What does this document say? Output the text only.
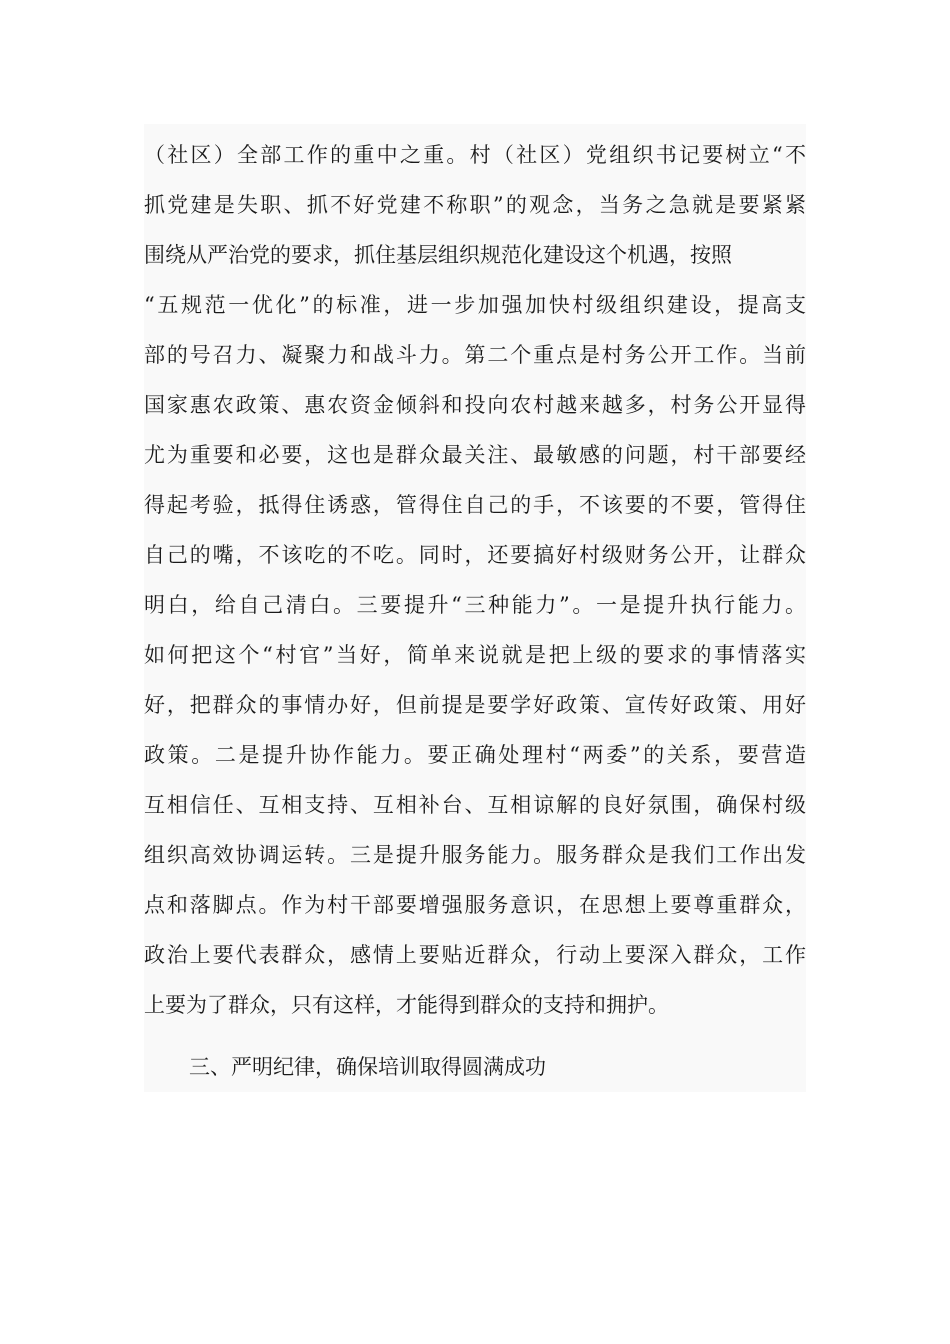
（社区）全部工作的重中之重。村（社区）党组织书记要树立“不
抓党建是失职、抓不好党建不称职”的观念，当务之急就是要紧紧
围绕从严治党的要求，抓住基层组织规范化建设这个机遇，按照
“五规范一优化”的标准，进一步加强加快村级组织建设，提高支
部的号召力、凝聚力和战斗力。第二个重点是村务公开工作。当前
国家惠农政策、惠农资金倾斜和投向农村越来越多，村务公开显得
尤为重要和必要，这也是群众最关注、最敏感的问题，村干部要经
得起考验，抵得住诱惑，管得住自己的手，不该要的不要，管得住
自己的嘴，不该吃的不吃。同时，还要搞好村级财务公开，让群众
明白，给自己清白。三要提升“三种能力”。一是提升执行能力。
如何把这个“村官”当好，简单来说就是把上级的要求的事情落实
好，把群众的事情办好，但前提是要学好政策、宣传好政策、用好
政策。二是提升协作能力。要正确处理村“两委”的关系，要营造
互相信任、互相支持、互相补台、互相谅解的良好氛围，确保村级
组织高效协调运转。三是提升服务能力。服务群众是我们工作出发
点和落脚点。作为村干部要增强服务意识，在思想上要尊重群众，
政治上要代表群众，感情上要贴近群众，行动上要深入群众，工作
上要为了群众，只有这样，才能得到群众的支持和拥护。
三、严明纪律，确保培训取得圆满成功
